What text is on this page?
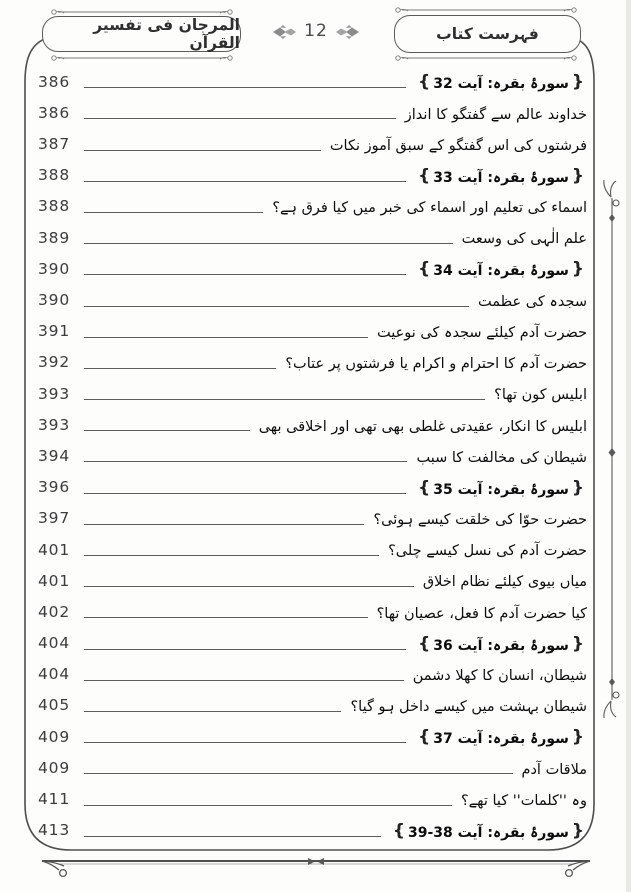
المرجان فی تفسیر القرآن
12	فہرست کتاب
386	{ سورۂ بقرہ: آیت 32 }
386	خداوند عالم سے گفتگو کا انداز
387	فرشتوں کی اس گفتگو کے سبق آموز نکات
388	{ سورۂ بقرہ: آیت 33 }
388	اسماء کی تعلیم اور اسماء کی خبر میں کیا فرق ہے؟
389	علم الٰہی کی وسعت
390	{ سورۂ بقرہ: آیت 34 }
390	سجدہ کی عظمت
391	حضرت آدم کیلئے سجدہ کی نوعیت
392	حضرت آدم کا احترام و اکرام یا فرشتوں پر عتاب؟
393	ابلیس کون تھا؟
393	ابلیس کا انکار، عقیدتی غلطی بھی تھی اور اخلاقی بھی
394	شیطان کی مخالفت کا سبب
396	{ سورۂ بقرہ: آیت 35 }
397	حضرت حوّا کی خلقت کیسے ہوئی؟
401	حضرت آدم کی نسل کیسے چلی؟
401	میاں بیوی کیلئے نظام اخلاق
402	کیا حضرت آدم کا فعل، عصیان تھا؟
404	{ سورۂ بقرہ: آیت 36 }
404	شیطان، انسان کا کھلا دشمن
405	شیطان بہشت میں کیسے داخل ہو گیا؟
409	{ سورۂ بقرہ: آیت 37 }
409	ملاقات آدم
411	وہ ''کلمات'' کیا تھے؟
413	{ سورۂ بقرہ: آیت 38-39 }
